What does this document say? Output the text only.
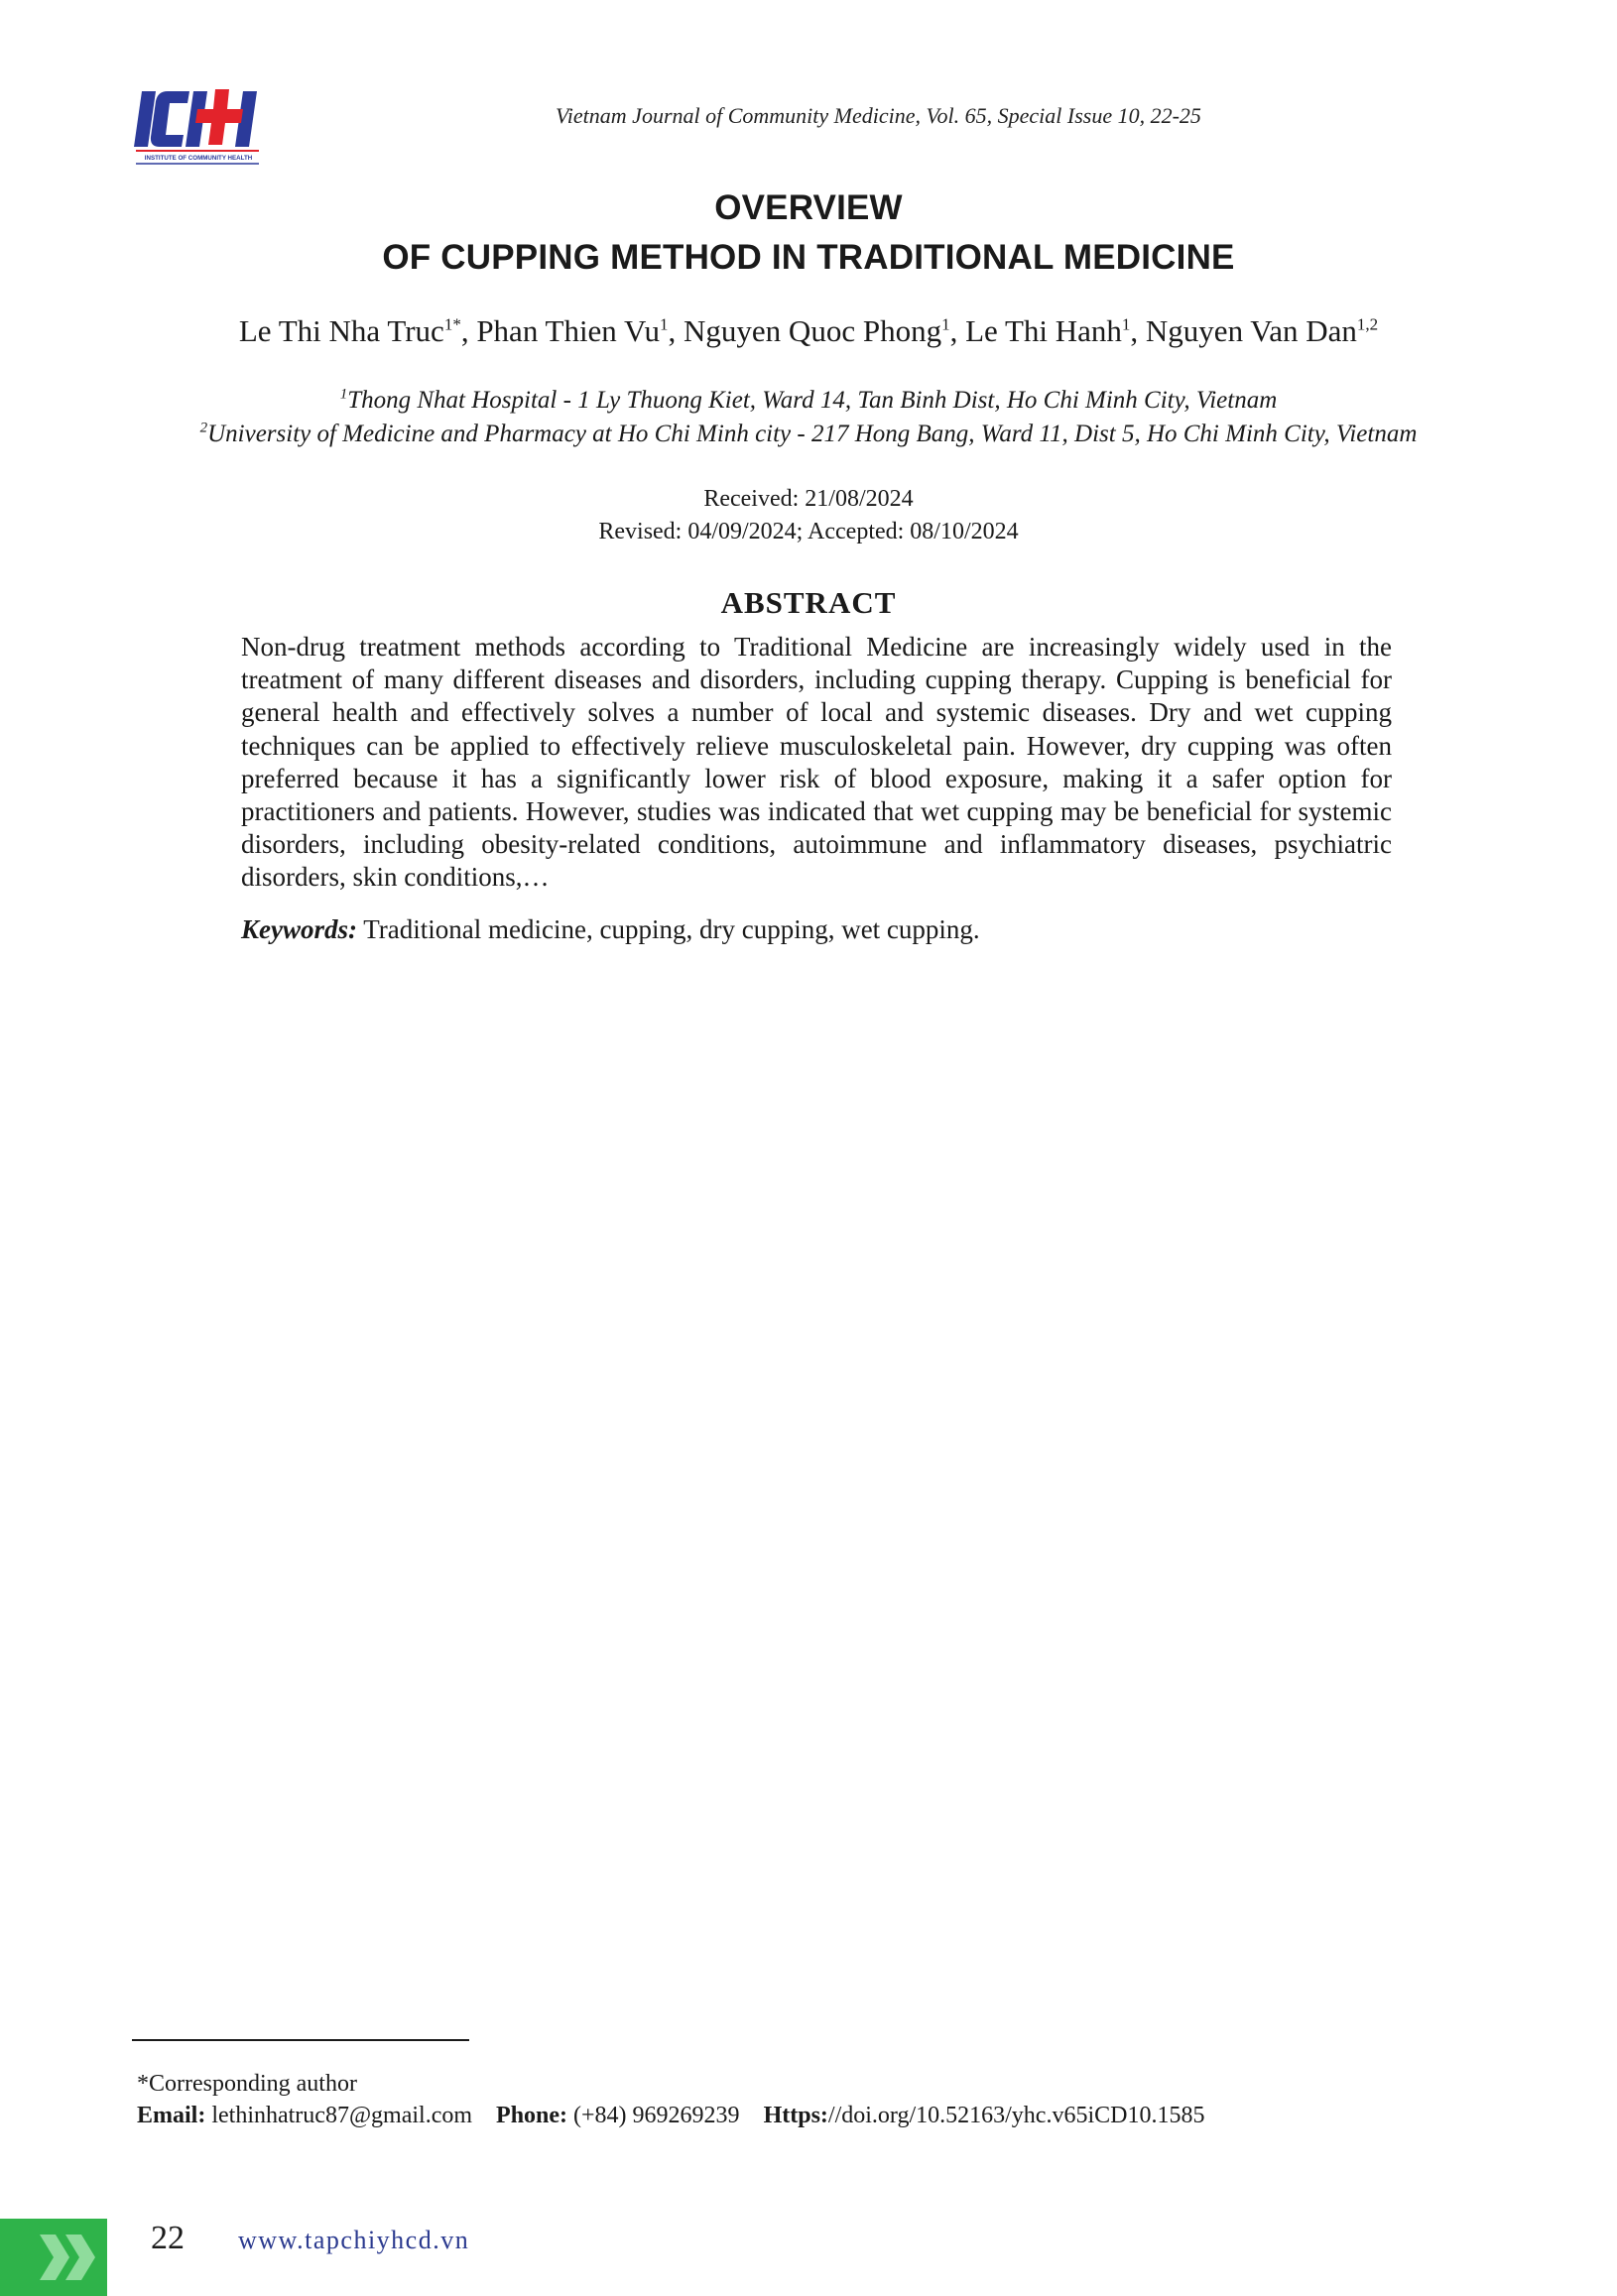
INSTITUTE OF COMMUNITY HEALTH
Vietnam Journal of Community Medicine, Vol. 65, Special Issue 10, 22-25
OVERVIEW
OF CUPPING METHOD IN TRADITIONAL MEDICINE
Le Thi Nha Truc$^{1*}$, Phan Thien Vu$^1$, Nguyen Quoc Phong$^1$, Le Thi Hanh$^1$, Nguyen Van Dan$^{1,2}$
$^1$Thong Nhat Hospital - 1 Ly Thuong Kiet, Ward 14, Tan Binh Dist, Ho Chi Minh City, Vietnam
$^2$University of Medicine and Pharmacy at Ho Chi Minh city - 217 Hong Bang, Ward 11, Dist 5, Ho Chi Minh City, Vietnam
Received: 21/08/2024
Revised: 04/09/2024; Accepted: 08/10/2024
ABSTRACT
Non-drug treatment methods according to Traditional Medicine are increasingly widely used in the treatment of many different diseases and disorders, including cupping therapy. Cupping is beneficial for general health and effectively solves a number of local and systemic diseases. Dry and wet cupping techniques can be applied to effectively relieve musculoskeletal pain. However, dry cupping was often preferred because it has a significantly lower risk of blood exposure, making it a safer option for practitioners and patients. However, studies was indicated that wet cupping may be beneficial for systemic disorders, including obesity-related conditions, autoimmune and inflammatory diseases, psychiatric disorders, skin conditions,…
Keywords: Traditional medicine, cupping, dry cupping, wet cupping.
*Corresponding author
Email: lethinhatruc87@gmail.com Phone: (+84) 969269239 Https://doi.org/10.52163/yhc.v65iCD10.1585
22 www.tapchiyhcd.vn
